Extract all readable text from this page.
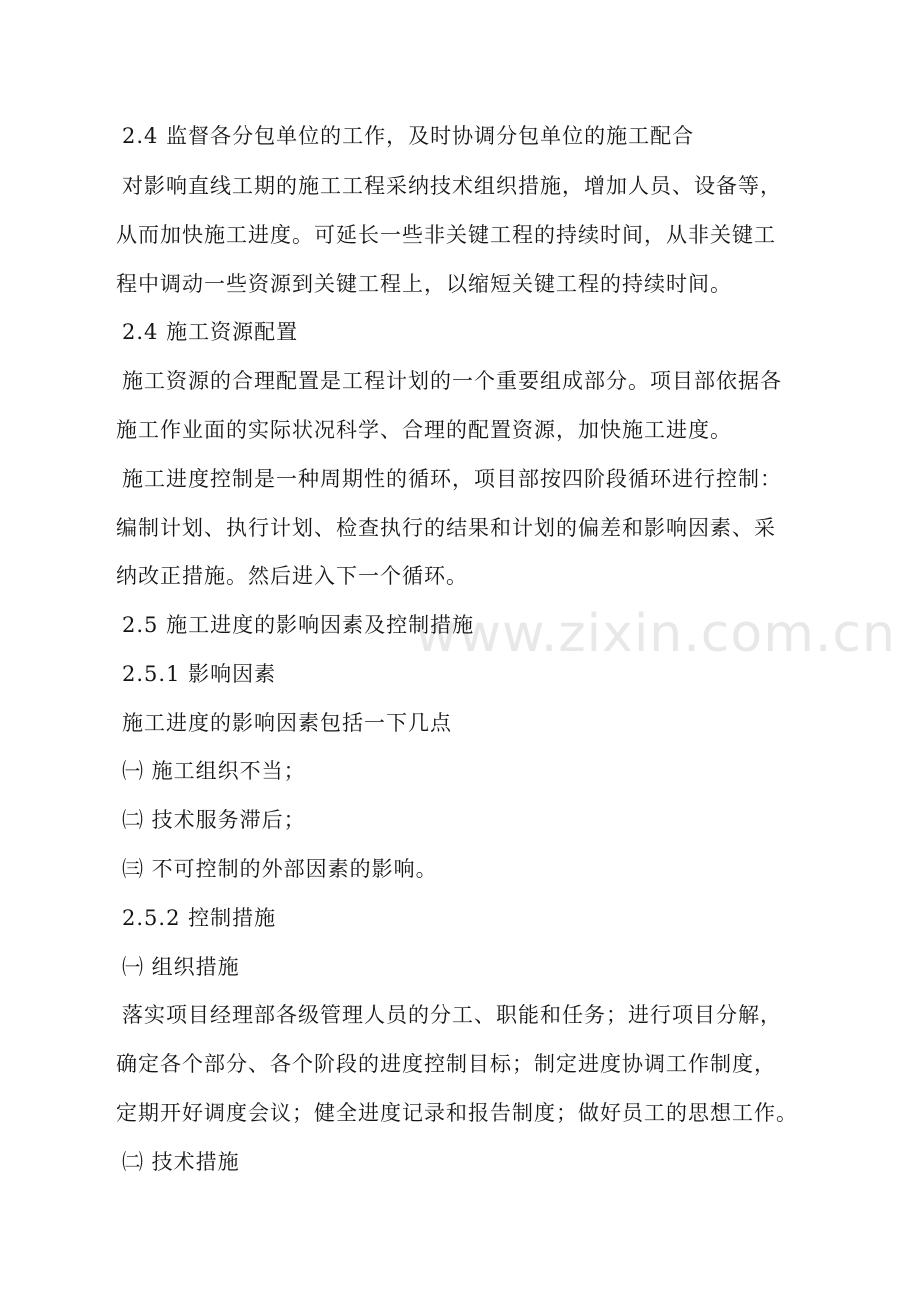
www.zixin.com.cn
2.4 监督各分包单位的工作，及时协调分包单位的施工配合
对影响直线工期的施工工程采纳技术组织措施，增加人员、设备等，
从而加快施工进度。可延长一些非关键工程的持续时间，从非关键工
程中调动一些资源到关键工程上，以缩短关键工程的持续时间。
2.4 施工资源配置
施工资源的合理配置是工程计划的一个重要组成部分。项目部依据各
施工作业面的实际状况科学、合理的配置资源，加快施工进度。
施工进度控制是一种周期性的循环，项目部按四阶段循环进行控制：
编制计划、执行计划、检查执行的结果和计划的偏差和影响因素、采
纳改正措施。然后进入下一个循环。
2.5 施工进度的影响因素及控制措施
2.5.1 影响因素
施工进度的影响因素包括一下几点
㈠ 施工组织不当；
㈡ 技术服务滞后；
㈢ 不可控制的外部因素的影响。
2.5.2 控制措施
㈠ 组织措施
落实项目经理部各级管理人员的分工、职能和任务；进行项目分解，
确定各个部分、各个阶段的进度控制目标；制定进度协调工作制度，
定期开好调度会议；健全进度记录和报告制度；做好员工的思想工作。
㈡ 技术措施
